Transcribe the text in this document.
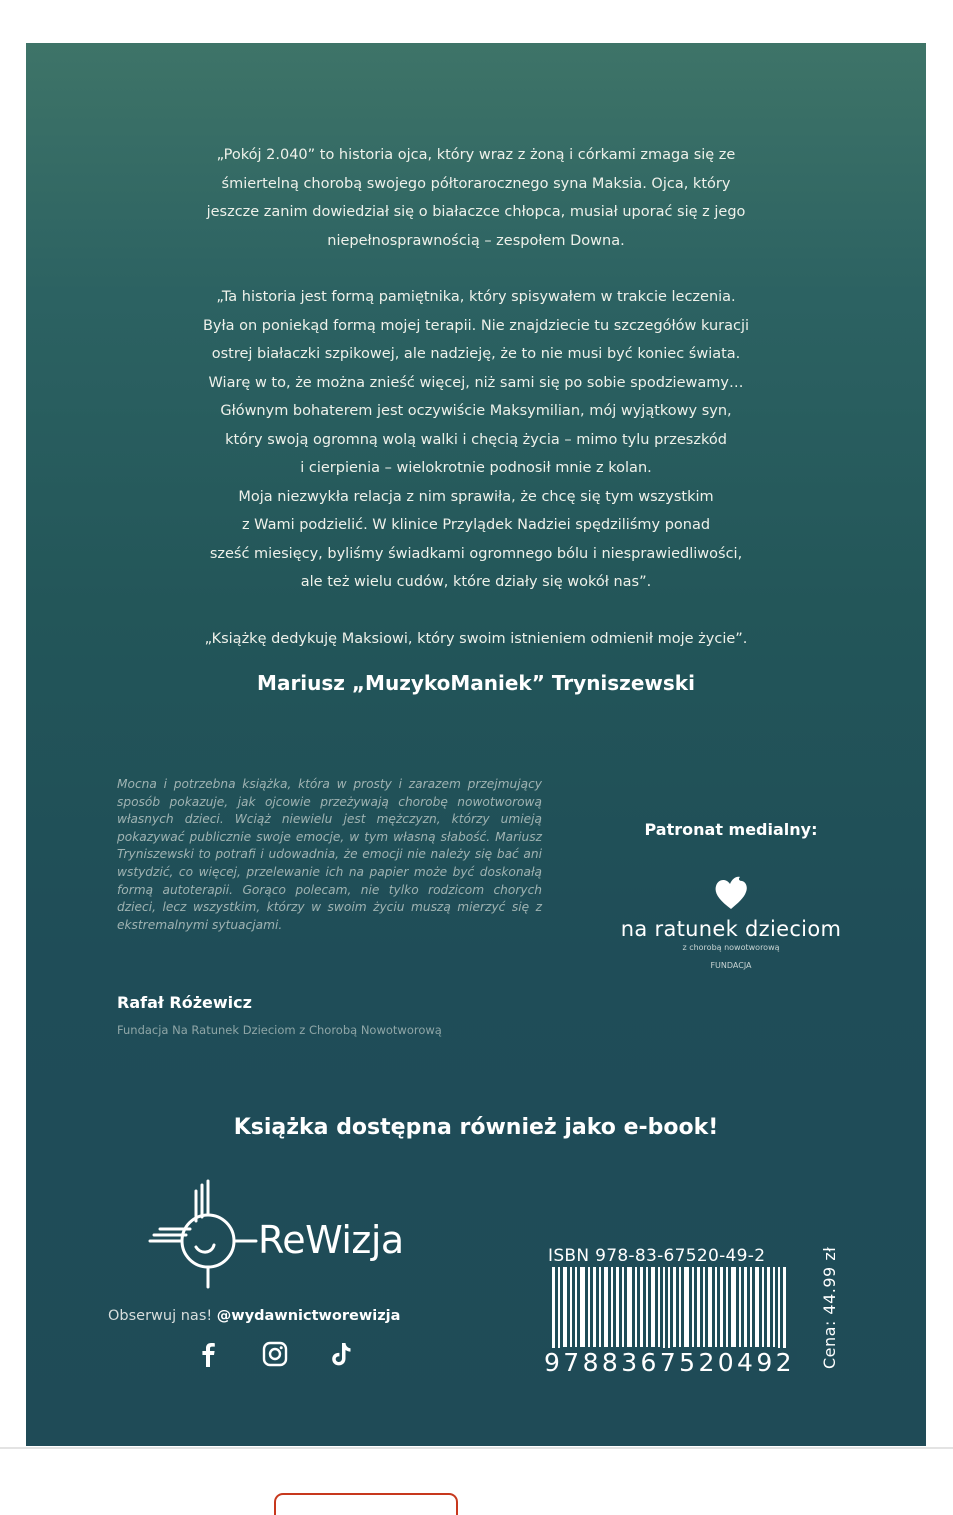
„Pokój 2.040” to historia ojca, który wraz z żoną i córkami zmaga się ze
śmiertelną chorobą swojego półtorarocznego syna Maksia. Ojca, który
jeszcze zanim dowiedział się o białaczce chłopca, musiał uporać się z jego
niepełnosprawnością – zespołem Downa.

„Ta historia jest formą pamiętnika, który spisywałem w trakcie leczenia.
Była on poniekąd formą mojej terapii. Nie znajdziecie tu szczegółów kuracji
ostrej białaczki szpikowej, ale nadzieję, że to nie musi być koniec świata.
Wiarę w to, że można znieść więcej, niż sami się po sobie spodziewamy…
Głównym bohaterem jest oczywiście Maksymilian, mój wyjątkowy syn,
który swoją ogromną wolą walki i chęcią życia – mimo tylu przeszkód
i cierpienia – wielokrotnie podnosił mnie z kolan.
Moja niezwykła relacja z nim sprawiła, że chcę się tym wszystkim
z Wami podzielić. W klinice Przylądek Nadziei spędziliśmy ponad
sześć miesięcy, byliśmy świadkami ogromnego bólu i niesprawiedliwości,
ale też wielu cudów, które działy się wokół nas”.

„Książkę dedykuję Maksiowi, który swoim istnieniem odmienił moje życie”.

Mariusz „MuzykoManiek” Tryniszewski
Mocna i potrzebna książka, która w prosty i zarazem przejmujący sposób pokazuje, jak ojcowie przeżywają chorobę nowotworową własnych dzieci. Wciąż niewielu jest mężczyzn, którzy umieją pokazywać publicznie swoje emocje, w tym własną słabość. Mariusz Tryniszewski to potrafi i udowadnia, że emocji nie należy się bać ani wstydzić, co więcej, przelewanie ich na papier może być doskonałą formą autoterapii. Gorąco polecam, nie tylko rodzicom chorych dzieci, lecz wszystkim, którzy w swoim życiu muszą mierzyć się z ekstremalnymi sytuacjami.
Rafał Różewicz
Fundacja Na Ratunek Dzieciom z Chorobą Nowotworową
Patronat medialny:
na ratunek dzieciom
z chorobą nowotworową
FUNDACJA
Książka dostępna również jako e-book!
ReWizja
Obserwuj nas! @wydawnictworewizja
ISBN 978-83-67520-49-2
9788367520492 Cena: 44.99 zł
